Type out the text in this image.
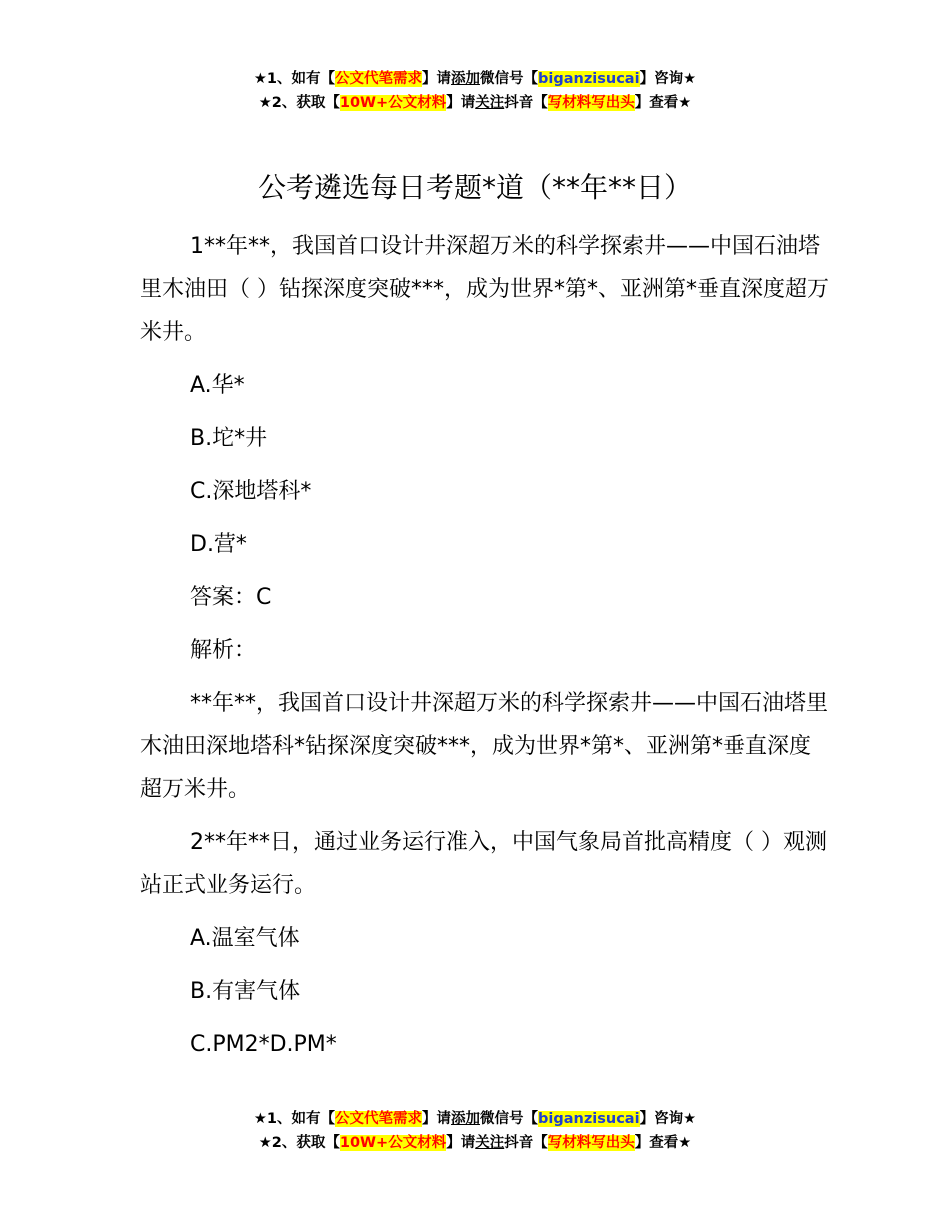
★1、如有【公文代笔需求】请添加微信号【biganzisucai】咨询★
★2、获取【10W+公文材料】请关注抖音【写材料写出头】查看★
公考遴选每日考题*道（**年**日）

1**年**，我国首口设计井深超万米的科学探索井——中国石油塔里木油田（ ）钻探深度突破***，成为世界*第*、亚洲第*垂直深度超万米井。

A.华*

B.坨*井

C.深地塔科*

D.营*

答案：C

解析：

**年**，我国首口设计井深超万米的科学探索井——中国石油塔里木油田深地塔科*钻探深度突破***，成为世界*第*、亚洲第*垂直深度超万米井。

2**年**日，通过业务运行准入，中国气象局首批高精度（ ）观测站正式业务运行。

A.温室气体

B.有害气体

C.PM2*D.PM*

★1、如有【公文代笔需求】请添加微信号【biganzisucai】咨询★
★2、获取【10W+公文材料】请关注抖音【写材料写出头】查看★
